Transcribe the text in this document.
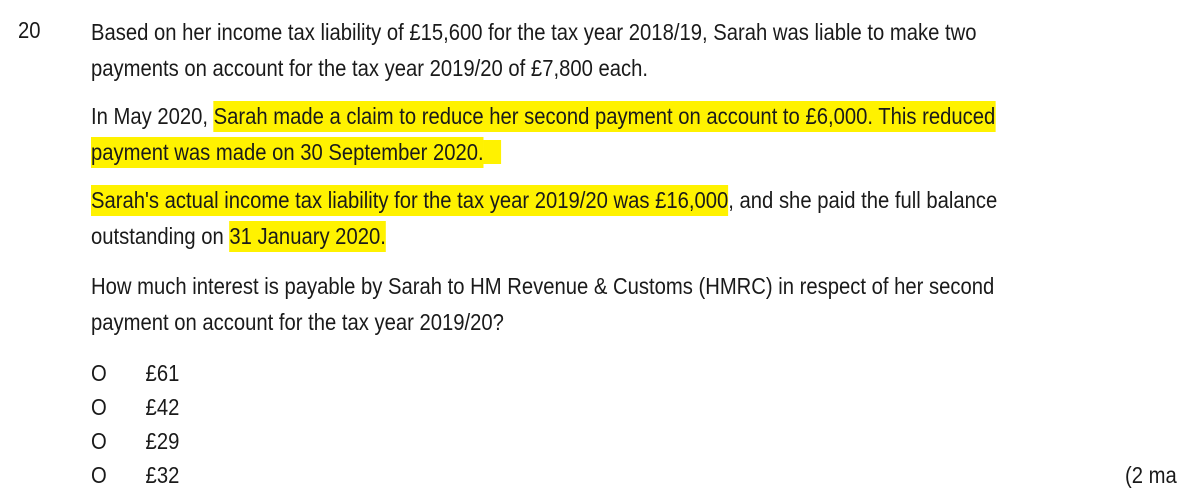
20 Based on her income tax liability of £15,600 for the tax year 2018/19, Sarah was liable to make two
payments on account for the tax year 2019/20 of £7,800 each.
In May 2020, Sarah made a claim to reduce her second payment on account to £6,000. This reduced
payment was made on 30 September 2020.
Sarah's actual income tax liability for the tax year 2019/20 was £16,000, and she paid the full balance
outstanding on 31 January 2020.
How much interest is payable by Sarah to HM Revenue & Customs (HMRC) in respect of her second
payment on account for the tax year 2019/20?
O £61
O £42
O £29
O £32	(2 ma
